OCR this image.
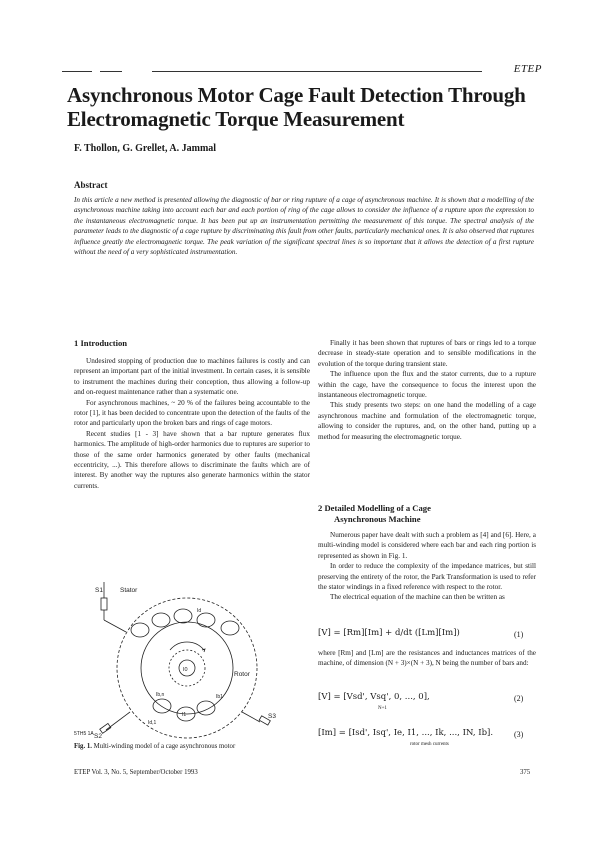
ETEP
Asynchronous Motor Cage Fault Detection Through Electromagnetic Torque Measurement
F. Thollon, G. Grellet, A. Jammal
Abstract
In this article a new method is presented allowing the diagnostic of bar or ring rupture of a cage of asynchronous machine. It is shown that a modelling of the asynchronous machine taking into account each bar and each portion of ring of the cage allows to consider the influence of a rupture upon the expression to the instantaneous electromagnetic torque. It has been put up an instrumentation permitting the measurement of this torque. The spectral analysis of the parameter leads to the diagnostic of a cage rupture by discriminating this fault from other faults, particularly mechanical ones. It is also observed that ruptures influence greatly the electromagnetic torque. The peak variation of the significant spectral lines is so important that it allows the detection of a first rupture without the need of a very sophisticated instrumentation.
1 Introduction

Undesired stopping of production due to machines failures is costly and can represent an important part of the initial investment. In certain cases, it is sensible to instrument the machines during their conception, thus allowing a follow-up and on-request maintenance rather than a systematic one.

For asynchronous machines, ~ 20 % of the failures being accountable to the rotor [1], it has been decided to concentrate upon the detection of the faults of the rotor and particularly upon the broken bars and rings of cage motors.

Recent studies [1 - 3] have shown that a bar rupture generates flux harmonics. The amplitude of high-order harmonics due to ruptures are superior to those of the same order harmonics generated by other faults (mechanical eccentricity, ...). This therefore allows to discriminate the faults which are of interest. By another way the ruptures also generate harmonics within the stator currents.

S1	Stator
Rotor
I0
Id
Ib,n
Id,1
I1
Ib1
S2
S3
5TH5 1A
Fig. 1. Multi-winding model of a cage asynchronous motor

Finally it has been shown that ruptures of bars or rings led to a torque decrease in steady-state operation and to sensible modifications in the evolution of the torque during transient state.

The influence upon the flux and the stator currents, due to a rupture within the cage, have the consequence to focus the interest upon the instantaneous electromagnetic torque.

This study presents two steps: on one hand the modelling of a cage asynchronous machine and formulation of the electromagnetic torque, allowing to consider the ruptures, and, on the other hand, putting up a method for measuring the electromagnetic torque.

2 Detailed Modelling of a Cage
Asynchronous Machine

Numerous paper have dealt with such a problem as [4] and [6]. Here, a multi-winding model is considered where each bar and each ring portion is represented as shown in Fig. 1.

In order to reduce the complexity of the impedance matrices, but still preserving the entirety of the rotor, the Park Transformation is used to refer the stator windings in a fixed reference with respect to the rotor.

The electrical equation of the machine can then be written as

[V] = [Rm][Im] + d/dt ([Lm][Im])	(1)
where [Rm] and [Lm] are the resistances and inductances matrices of the machine, of dimension (N + 3)×(N + 3), N being the number of bars and:
[V] = [Vsd', Vsq', 0, ..., 0],
N+1
(2)
[Im] = [Isd', Isq', Ie, I1, ..., Ik, ..., IN, Ib].
rotor mesh currents
(3)
ETEP Vol. 3, No. 5, September/October 1993	375
